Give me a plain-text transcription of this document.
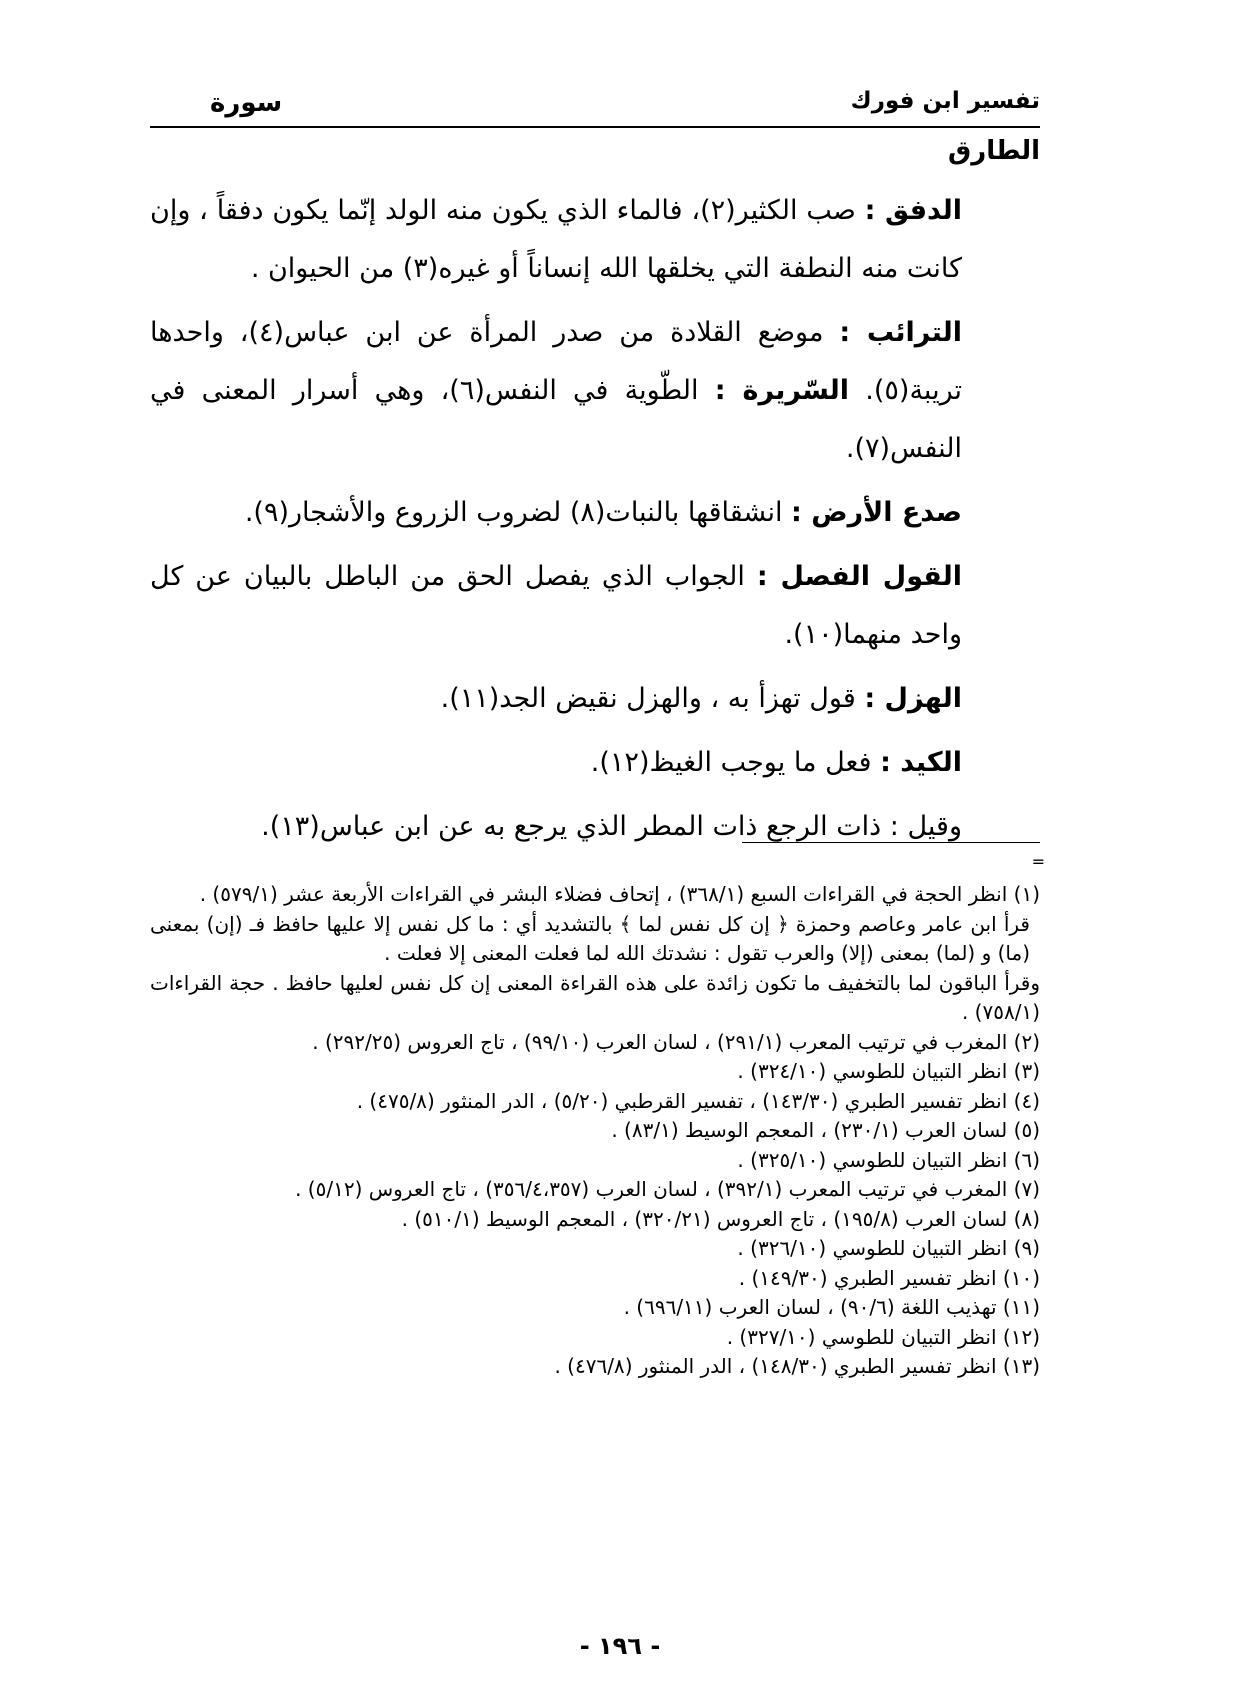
تفسير ابن فورك
سورة
الطارق

الدفق : صب الكثير(٢)، فالماء الذي يكون منه الولد إنّما يكون دفقاً ، وإن كانت منه النطفة التي يخلقها الله إنساناً أو غيره(٣) من الحيوان .

الترائب : موضع القلادة من صدر المرأة عن ابن عباس(٤)، واحدها تريبة(٥). السّريرة : الطّوية في النفس(٦)، وهي أسرار المعنى في النفس(٧).

صدع الأرض : انشقاقها بالنبات(٨) لضروب الزروع والأشجار(٩).

القول الفصل : الجواب الذي يفصل الحق من الباطل بالبيان عن كل واحد منهما(١٠).

الهزل : قول تهزأ به ، والهزل نقيض الجد(١١).

الكيد : فعل ما يوجب الغيظ(١٢).

وقيل : ذات الرجع ذات المطر الذي يرجع به عن ابن عباس(١٣).

=

(١) انظر الحجة في القراءات السبع (٣٦٨/١) ، إتحاف فضلاء البشر في القراءات الأربعة عشر (٥٧٩/١) .

قرأ ابن عامر وعاصم وحمزة ﴿ إن كل نفس لما ﴾ بالتشديد أي : ما كل نفس إلا عليها حافظ فـ (إن) بمعنى (ما) و (لما) بمعنى (إلا) والعرب تقول : نشدتك الله لما فعلت المعنى إلا فعلت .

وقرأ الباقون لما بالتخفيف ما تكون زائدة على هذه القراءة المعنى إن كل نفس لعليها حافظ . حجة القراءات (٧٥٨/١) .

(٢) المغرب في ترتيب المعرب (٢٩١/١) ، لسان العرب (٩٩/١٠) ، تاج العروس (٢٩٢/٢٥) .

(٣) انظر التبيان للطوسي (٣٢٤/١٠) .

(٤) انظر تفسير الطبري (١٤٣/٣٠) ، تفسير القرطبي (٥/٢٠) ، الدر المنثور (٤٧٥/٨) .

(٥) لسان العرب (٢٣٠/١) ، المعجم الوسيط (٨٣/١) .

(٦) انظر التبيان للطوسي (٣٢٥/١٠) .

(٧) المغرب في ترتيب المعرب (٣٩٢/١) ، لسان العرب (٣٥٦/٤،٣٥٧) ، تاج العروس (٥/١٢) .

(٨) لسان العرب (١٩٥/٨) ، تاج العروس (٣٢٠/٢١) ، المعجم الوسيط (٥١٠/١) .

(٩) انظر التبيان للطوسي (٣٢٦/١٠) .

(١٠) انظر تفسير الطبري (١٤٩/٣٠) .

(١١) تهذيب اللغة (٩٠/٦) ، لسان العرب (٦٩٦/١١) .

(١٢) انظر التبيان للطوسي (٣٢٧/١٠) .

(١٣) انظر تفسير الطبري (١٤٨/٣٠) ، الدر المنثور (٤٧٦/٨) .

- ١٩٦ -
